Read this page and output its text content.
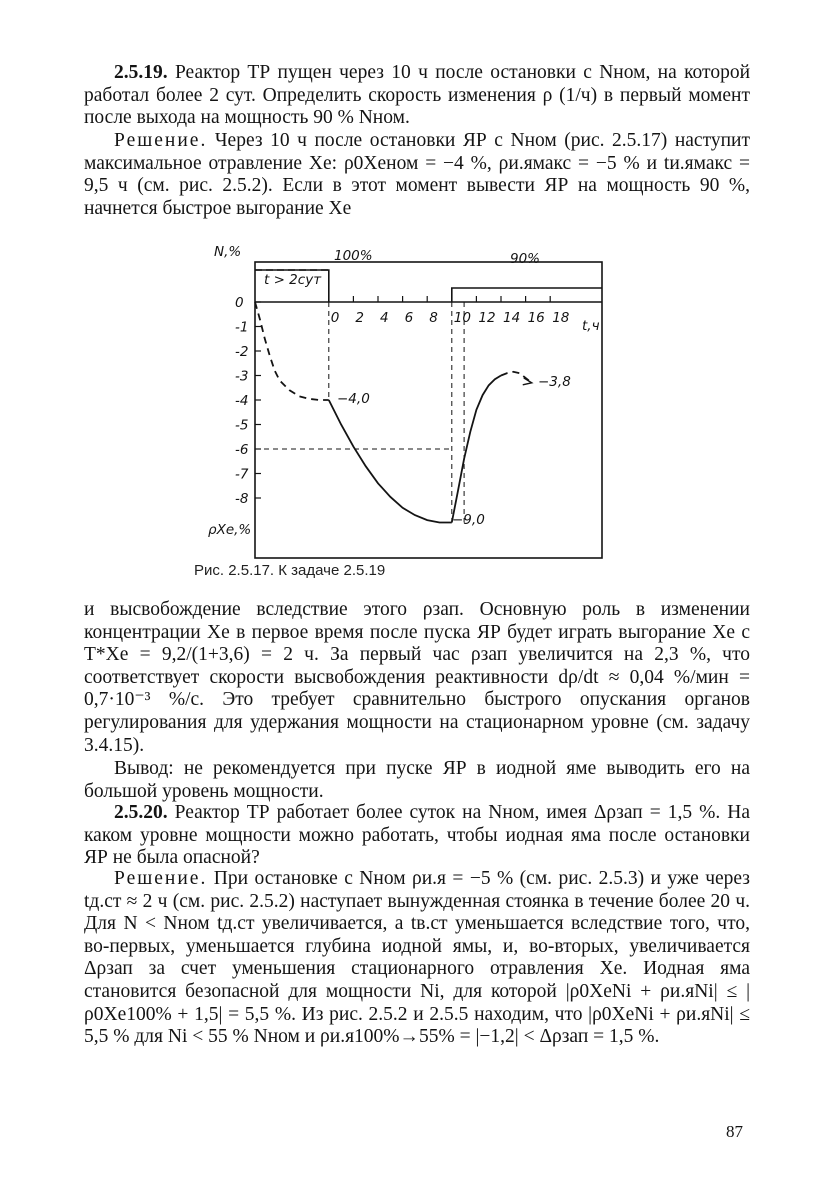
2.5.19. Реактор ТР пущен через 10 ч после остановки с Nном, на которой работал более 2 сут. Определить скорость изменения ρ (1/ч) в первый момент после выхода на мощность 90 % Nном.

Решение. Через 10 ч после остановки ЯР с Nном (рис. 2.5.17) наступит максимальное отравление Xe: ρ0Xeном = −4 %, ρи.ямакс = −5 % и tи.ямакс = 9,5 ч (см. рис. 2.5.2). Если в этот момент вывести ЯР на мощность 90 %, начнется быстрое выгорание Xe

0 2 4 6 8 10 12 14 16 18
0
-1
-2
-3
-4
-5
-6
-7
-8
N,%
ρXe,%
t,ч
t > 2сут
100%	90%
−4,0
−9,0
−3,8
Рис. 2.5.17. К задаче 2.5.19

и высвобождение вследствие этого ρзап. Основную роль в изменении концентрации Xe в первое время после пуска ЯР будет играть выгорание Xe с T*Xe = 9,2/(1+3,6) = 2 ч. За первый час ρзап увеличится на 2,3 %, что соответствует скорости высвобождения реактивности dρ/dt ≈ 0,04 %/мин = 0,7·10⁻³ %/с. Это требует сравнительно быстрого опускания органов регулирования для удержания мощности на стационарном уровне (см. задачу 3.4.15).

Вывод: не рекомендуется при пуске ЯР в иодной яме выводить его на большой уровень мощности.

2.5.20. Реактор ТР работает более суток на Nном, имея Δρзап = 1,5 %. На каком уровне мощности можно работать, чтобы иодная яма после остановки ЯР не была опасной?

Решение. При остановке с Nном ρи.я = −5 % (см. рис. 2.5.3) и уже через tд.ст ≈ 2 ч (см. рис. 2.5.2) наступает вынужденная стоянка в течение более 20 ч. Для N < Nном tд.ст увеличивается, а tв.ст уменьшается вследствие того, что, во-первых, уменьшается глубина иодной ямы, и, во-вторых, увеличивается Δρзап за счет уменьшения стационарного отравления Xe. Иодная яма становится безопасной для мощности Ni, для которой |ρ0XeNi + ρи.яNi| ≤ |ρ0Xe100% + 1,5| = 5,5 %. Из рис. 2.5.2 и 2.5.5 находим, что |ρ0XeNi + ρи.яNi| ≤ 5,5 % для Ni < 55 % Nном и ρи.я100%→55% = |−1,2| < Δρзап = 1,5 %.

87
